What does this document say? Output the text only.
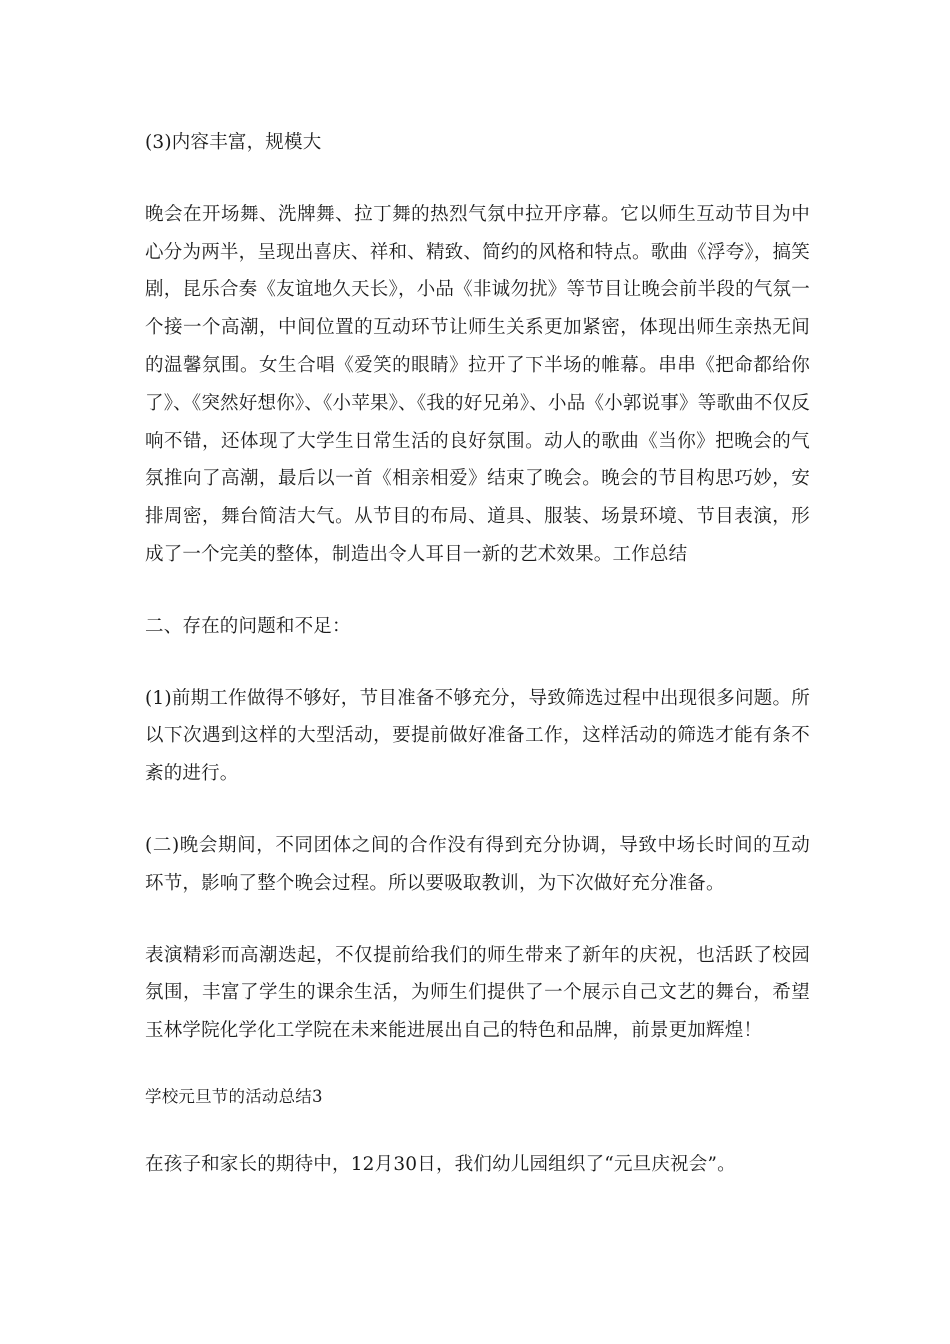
(3)内容丰富，规模大

晚会在开场舞、洗牌舞、拉丁舞的热烈气氛中拉开序幕。它以师生互动节目为中心分为两半，呈现出喜庆、祥和、精致、简约的风格和特点。歌曲《浮夸》，搞笑剧，昆乐合奏《友谊地久天长》，小品《非诚勿扰》等节目让晚会前半段的气氛一个接一个高潮，中间位置的互动环节让师生关系更加紧密，体现出师生亲热无间的温馨氛围。女生合唱《爱笑的眼睛》拉开了下半场的帷幕。串串《把命都给你了》、《突然好想你》、《小苹果》、《我的好兄弟》、小品《小郭说事》等歌曲不仅反响不错，还体现了大学生日常生活的良好氛围。动人的歌曲《当你》把晚会的气氛推向了高潮，最后以一首《相亲相爱》结束了晚会。晚会的节目构思巧妙，安排周密，舞台简洁大气。从节目的布局、道具、服装、场景环境、节目表演，形成了一个完美的整体，制造出令人耳目一新的艺术效果。工作总结

二、存在的问题和不足：

(1)前期工作做得不够好，节目准备不够充分，导致筛选过程中出现很多问题。所以下次遇到这样的大型活动，要提前做好准备工作，这样活动的筛选才能有条不紊的进行。

(二)晚会期间，不同团体之间的合作没有得到充分协调，导致中场长时间的互动环节，影响了整个晚会过程。所以要吸取教训，为下次做好充分准备。

表演精彩而高潮迭起，不仅提前给我们的师生带来了新年的庆祝，也活跃了校园氛围，丰富了学生的课余生活，为师生们提供了一个展示自己文艺的舞台，希望玉林学院化学化工学院在未来能进展出自己的特色和品牌，前景更加辉煌！

学校元旦节的活动总结3

在孩子和家长的期待中，12月30日，我们幼儿园组织了“元旦庆祝会”。
